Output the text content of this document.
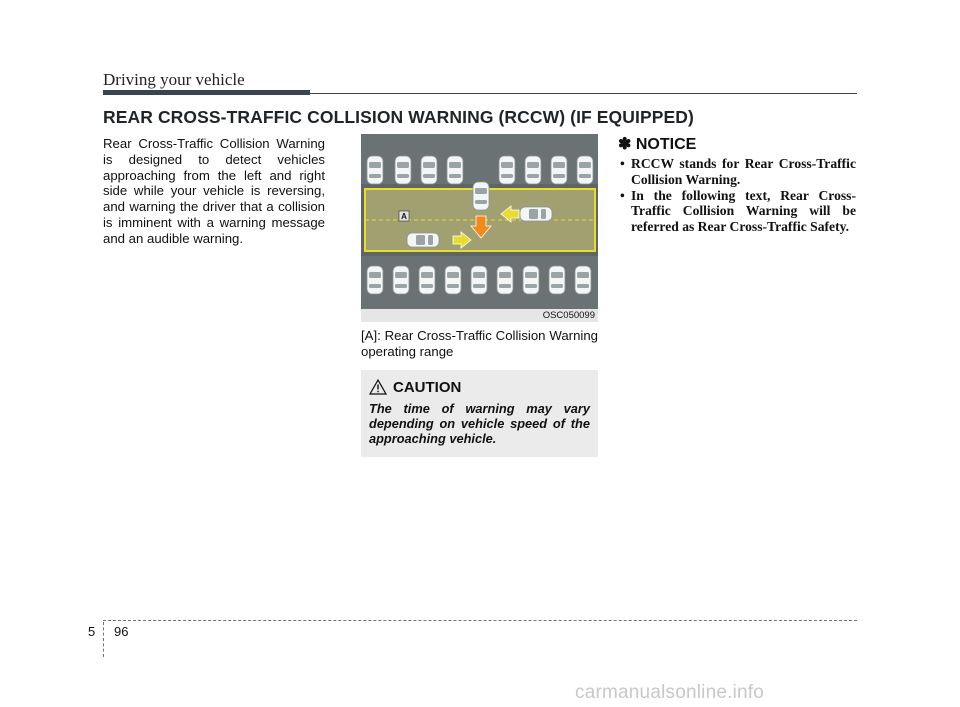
Driving your vehicle
REAR CROSS-TRAFFIC COLLISION WARNING (RCCW) (IF EQUIPPED)
Rear Cross-Traffic Collision Warning is designed to detect vehicles approaching from the left and right side while your vehicle is reversing, and warning the driver that a collision is imminent with a warning message and an audible warning.
A
OSC050099
[A]: Rear Cross-Traffic Collision Warning operating range
CAUTION
The time of warning may vary depending on vehicle speed of the approaching vehicle.
✽ NOTICE
• RCCW stands for Rear Cross-Traffic Collision Warning.
• In the following text, Rear Cross-Traffic Collision Warning will be referred as Rear Cross-Traffic Safety.
5 96
carmanualsonline.info
